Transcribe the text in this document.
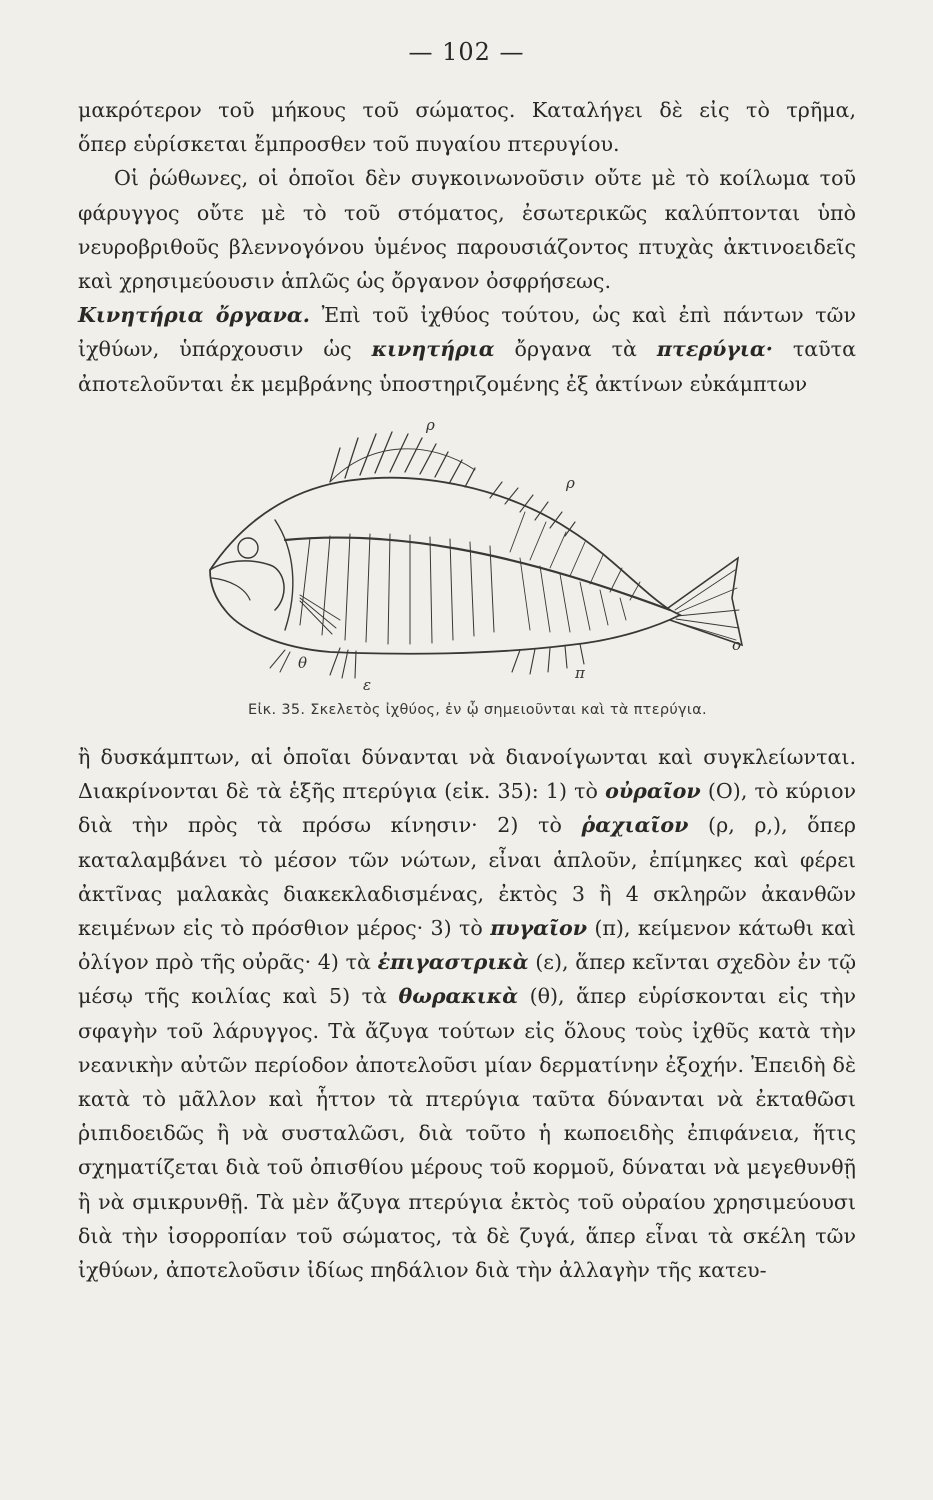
— 102 —

μακρότερον τοῦ μήκους τοῦ σώματος. Καταλήγει δὲ εἰς τὸ τρῆμα,

ὅπερ εὑρίσκεται ἔμπροσθεν τοῦ πυγαίου πτερυγίου.

Οἱ ῥώθωνες, οἱ ὁποῖοι δὲν συγκοινωνοῦσιν οὔτε μὲ τὸ κοίλωμα τοῦ φάρυγγος οὔτε μὲ τὸ τοῦ στόματος, ἐσωτερικῶς καλύπτονται ὑπὸ νευροβριθοῦς βλεννογόνου ὑμένος παρουσιάζοντος πτυχὰς ἀκτινοειδεῖς καὶ χρησιμεύουσιν ἁπλῶς ὡς ὄργανον ὀσφρήσεως.

Κινητήρια ὄργανα. Ἐπὶ τοῦ ἰχθύος τούτου, ὡς καὶ ἐπὶ πάντων τῶν ἰχθύων, ὑπάρχουσιν ὡς κινητήρια ὄργανα τὰ πτερύγια· ταῦτα ἀποτελοῦνται ἐκ μεμβράνης ὑποστηριζομένης ἐξ ἀκτίνων εὐκάμπτων

ρ
ρ
ο
θ
ε
π
Εἰκ. 35. Σκελετὸς ἰχθύος, ἐν ᾧ σημειοῦνται καὶ τὰ πτερύγια.

ἢ δυσκάμπτων, αἱ ὁποῖαι δύνανται νὰ διανοίγωνται καὶ συγκλείωνται. Διακρίνονται δὲ τὰ ἑξῆς πτερύγια (εἰκ. 35): 1) τὸ οὐραῖον (Ο), τὸ κύριον διὰ τὴν πρὸς τὰ πρόσω κίνησιν· 2) τὸ ῥαχιαῖον (ρ, ρ,), ὅπερ καταλαμβάνει τὸ μέσον τῶν νώτων, εἶναι ἁπλοῦν, ἐπίμηκες καὶ φέρει ἀκτῖνας μαλακὰς διακεκλαδισμένας, ἐκτὸς 3 ἢ 4 σκληρῶν ἀκανθῶν κειμένων εἰς τὸ πρόσθιον μέρος· 3) τὸ πυγαῖον (π), κείμενον κάτωθι καὶ ὀλίγον πρὸ τῆς οὐρᾶς· 4) τὰ ἐπιγαστρικὰ (ε), ἅπερ κεῖνται σχεδὸν ἐν τῷ μέσῳ τῆς κοιλίας καὶ 5) τὰ θωρακικὰ (θ), ἅπερ εὑρίσκονται εἰς τὴν σφαγὴν τοῦ λάρυγγος. Τὰ ἄζυγα τούτων εἰς ὅλους τοὺς ἰχθῦς κατὰ τὴν νεανικὴν αὐτῶν περίοδον ἀποτελοῦσι μίαν δερματίνην ἐξοχήν. Ἐπειδὴ δὲ κατὰ τὸ μᾶλλον καὶ ἧττον τὰ πτερύγια ταῦτα δύνανται νὰ ἐκταθῶσι ῥιπιδοειδῶς ἢ νὰ συσταλῶσι, διὰ τοῦτο ἡ κωποειδὴς ἐπιφάνεια, ἥτις σχηματίζεται διὰ τοῦ ὀπισθίου μέρους τοῦ κορμοῦ, δύναται νὰ μεγεθυνθῇ ἢ νὰ σμικρυνθῇ. Τὰ μὲν ἄζυγα πτερύγια ἐκτὸς τοῦ οὐραίου χρησιμεύουσι διὰ τὴν ἰσορροπίαν τοῦ σώματος, τὰ δὲ ζυγά, ἅπερ εἶναι τὰ σκέλη τῶν ἰχθύων, ἀποτελοῦσιν ἰδίως πηδάλιον διὰ τὴν ἀλλαγὴν τῆς κατευ-
